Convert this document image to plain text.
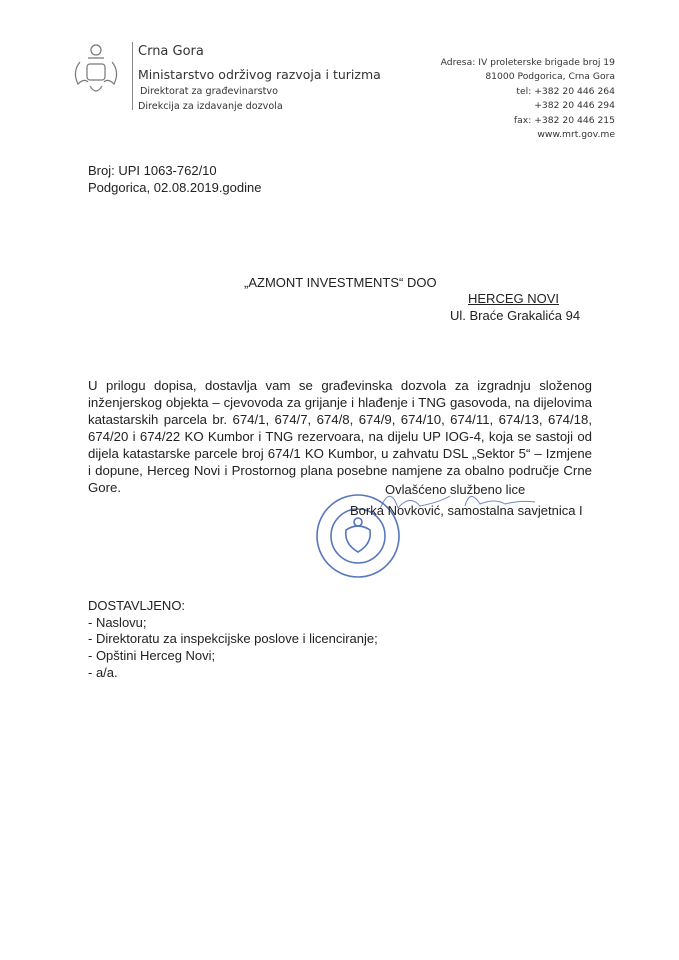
Crna Gora
Ministarstvo održivog razvoja i turizma
Direktorat za građevinarstvo
Direkcija za izdavanje dozvola
Adresa: IV proleterske brigade broj 19
81000 Podgorica, Crna Gora
tel: +382 20 446 264
+382 20 446 294
fax: +382 20 446 215
www.mrt.gov.me
Broj: UPI 1063-762/10
Podgorica, 02.08.2019.godine
„AZMONT INVESTMENTS“ DOO
HERCEG NOVI
Ul. Braće Grakalića 94
U prilogu dopisa, dostavlja vam se građevinska dozvola za izgradnju složenog inženjerskog objekta – cjevovoda za grijanje i hlađenje i TNG gasovoda, na dijelovima katastarskih parcela br. 674/1, 674/7, 674/8, 674/9, 674/10, 674/11, 674/13, 674/18, 674/20 i 674/22 KO Kumbor i TNG rezervoara, na dijelu UP IOG-4, koja se sastoji od dijela katastarske parcele broj 674/1 KO Kumbor, u zahvatu DSL „Sektor 5“ – Izmjene i dopune, Herceg Novi i Prostornog plana posebne namjene za obalno područje Crne Gore.	Ovlašćeno službeno lice
Borka Novković, samostalna savjetnica I
DOSTAVLJENO:
- Naslovu;
- Direktoratu za inspekcijske poslove i licenciranje;
- Opštini Herceg Novi;
- a/a.
